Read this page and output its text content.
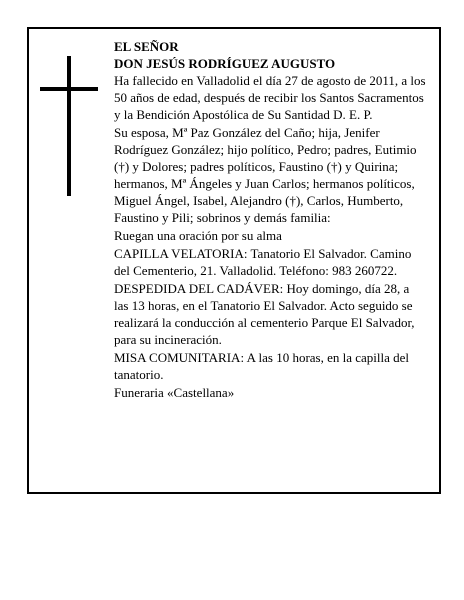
EL SEÑOR
DON JESÚS RODRÍGUEZ AUGUSTO

Ha fallecido en Valladolid el día 27 de agosto de 2011, a los 50 años de edad, después de recibir los Santos Sacramentos y la Bendición Apostólica de Su Santidad D. E. P.

Su esposa, Mª Paz González del Caño; hija, Jenifer Rodríguez González; hijo político, Pedro; padres, Eutimio (†) y Dolores; padres políticos, Faustino (†) y Quirina; hermanos, Mª Ángeles y Juan Carlos; hermanos políticos, Miguel Ángel, Isabel, Alejandro (†), Carlos, Humberto, Faustino y Pili; sobrinos y demás familia:

Ruegan una oración por su alma

CAPILLA VELATORIA: Tanatorio El Salvador. Camino del Cementerio, 21. Valladolid. Teléfono: 983 260722.

DESPEDIDA DEL CADÁVER: Hoy domingo, día 28, a las 13 horas, en el Tanatorio El Salvador. Acto seguido se realizará la conducción al cementerio Parque El Salvador, para su incineración.

MISA COMUNITARIA: A las 10 horas, en la capilla del tanatorio.

Funeraria «Castellana»
